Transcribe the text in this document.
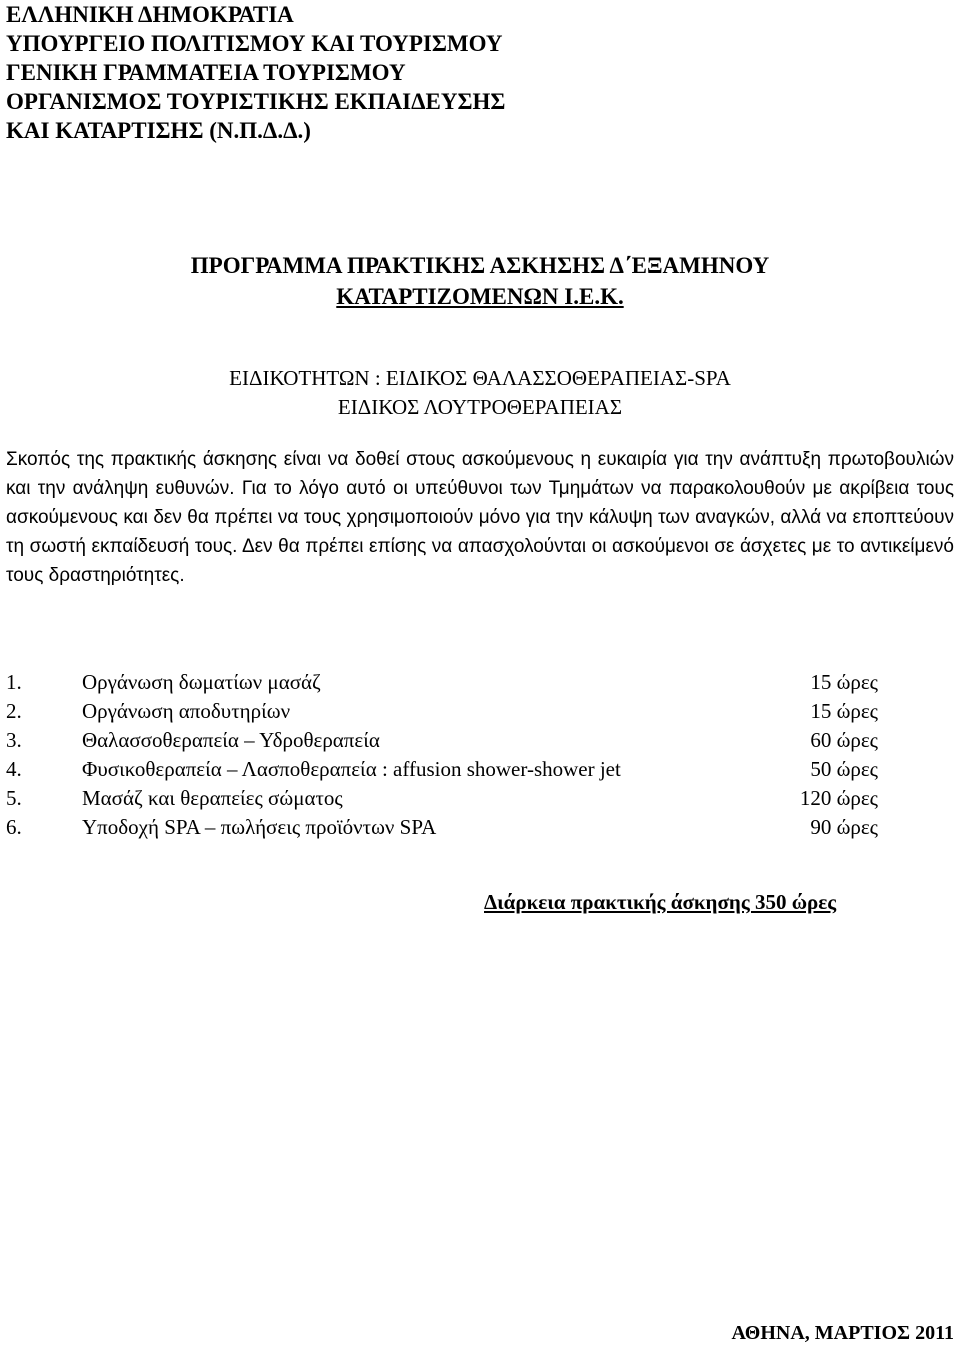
ΕΛΛΗΝΙΚΗ ΔΗΜΟΚΡΑΤΙΑ
ΥΠΟΥΡΓΕΙΟ ΠΟΛΙΤΙΣΜΟΥ ΚΑΙ ΤΟΥΡΙΣΜΟΥ
ΓΕΝΙΚΗ ΓΡΑΜΜΑΤΕΙΑ ΤΟΥΡΙΣΜΟΥ
ΟΡΓΑΝΙΣΜΟΣ ΤΟΥΡΙΣΤΙΚΗΣ ΕΚΠΑΙΔΕΥΣΗΣ
ΚΑΙ ΚΑΤΑΡΤΙΣΗΣ (Ν.Π.Δ.Δ.)
ΠΡΟΓΡΑΜΜΑ ΠΡΑΚΤΙΚΗΣ ΑΣΚΗΣΗΣ Δ΄ΕΞΑΜΗΝΟΥ
ΚΑΤΑΡΤΙΖΟΜΕΝΩΝ Ι.Ε.Κ.
ΕΙΔΙΚΟΤΗΤΩΝ : ΕΙΔΙΚΟΣ ΘΑΛΑΣΣΟΘΕΡΑΠΕΙΑΣ-SPA
ΕΙΔΙΚΟΣ ΛΟΥΤΡΟΘΕΡΑΠΕΙΑΣ
Σκοπός της πρακτικής άσκησης είναι να δοθεί στους ασκούμενους η ευκαιρία για την ανάπτυξη πρωτοβουλιών και την ανάληψη ευθυνών. Για το λόγο αυτό οι υπεύθυνοι των Τμημάτων να παρακολουθούν με ακρίβεια τους ασκούμενους και δεν θα πρέπει να τους χρησιμοποιούν μόνο για την κάλυψη των αναγκών, αλλά να εποπτεύουν τη σωστή εκπαίδευσή τους. Δεν θα πρέπει επίσης να απασχολούνται οι ασκούμενοι σε άσχετες με το αντικείμενό τους δραστηριότητες.
1.	Οργάνωση δωματίων μασάζ	15 ώρες
2.	Οργάνωση αποδυτηρίων	15 ώρες
3.	Θαλασσοθεραπεία – Υδροθεραπεία	60 ώρες
4.	Φυσικοθεραπεία – Λασποθεραπεία : affusion shower-shower jet	50 ώρες
5.	Μασάζ και θεραπείες σώματος	120 ώρες
6.	Υποδοχή SPA – πωλήσεις προϊόντων SPA	90 ώρες
Διάρκεια πρακτικής άσκησης 350 ώρες
ΑΘΗΝΑ, ΜΑΡΤΙΟΣ 2011
